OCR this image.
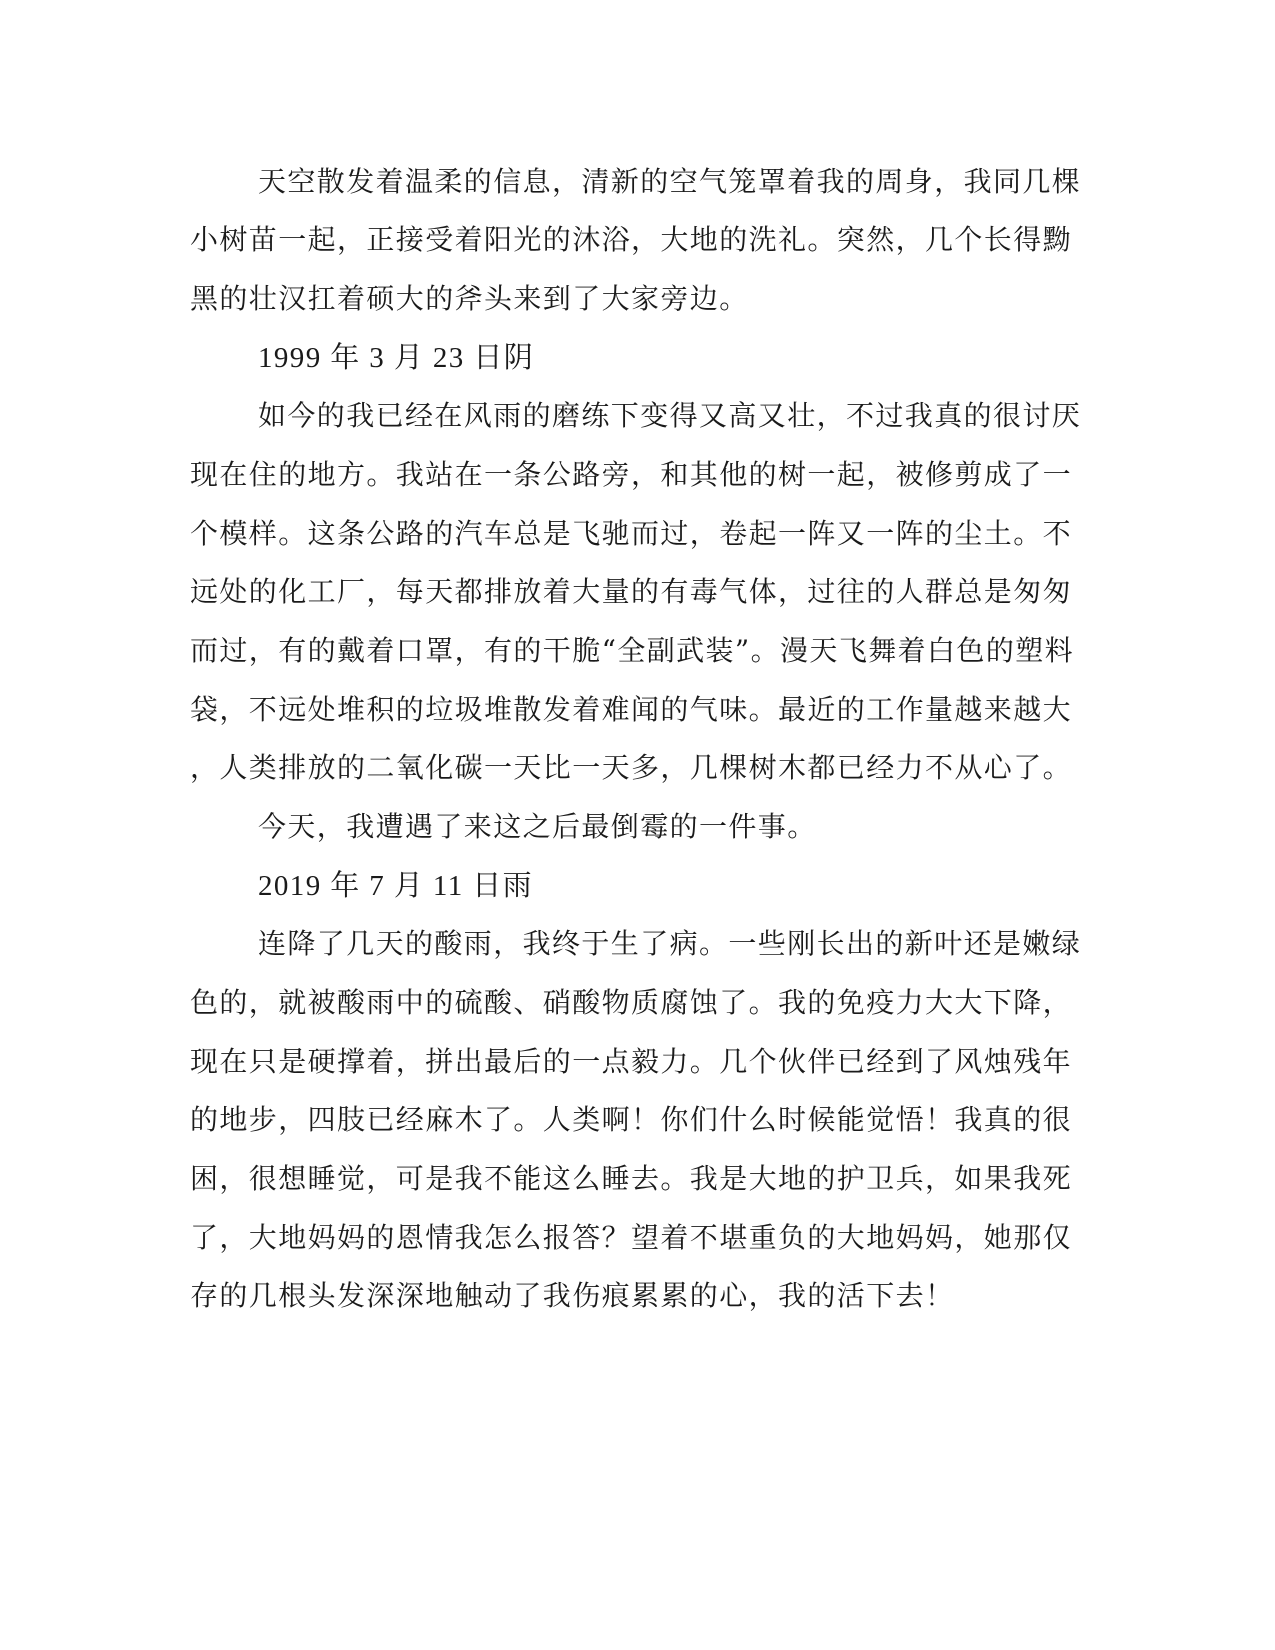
天空散发着温柔的信息，清新的空气笼罩着我的周身，我同几棵
小树苗一起，正接受着阳光的沐浴，大地的洗礼。突然，几个长得黝
黑的壮汉扛着硕大的斧头来到了大家旁边。
1999 年 3 月 23 日阴
如今的我已经在风雨的磨练下变得又高又壮，不过我真的很讨厌
现在住的地方。我站在一条公路旁，和其他的树一起，被修剪成了一
个模样。这条公路的汽车总是飞驰而过，卷起一阵又一阵的尘土。不
远处的化工厂，每天都排放着大量的有毒气体，过往的人群总是匆匆
而过，有的戴着口罩，有的干脆“全副武装”。漫天飞舞着白色的塑料
袋，不远处堆积的垃圾堆散发着难闻的气味。最近的工作量越来越大
，人类排放的二氧化碳一天比一天多，几棵树木都已经力不从心了。
今天，我遭遇了来这之后最倒霉的一件事。
2019 年 7 月 11 日雨
连降了几天的酸雨，我终于生了病。一些刚长出的新叶还是嫩绿
色的，就被酸雨中的硫酸、硝酸物质腐蚀了。我的免疫力大大下降，
现在只是硬撑着，拼出最后的一点毅力。几个伙伴已经到了风烛残年
的地步，四肢已经麻木了。人类啊！你们什么时候能觉悟！我真的很
困，很想睡觉，可是我不能这么睡去。我是大地的护卫兵，如果我死
了，大地妈妈的恩情我怎么报答？望着不堪重负的大地妈妈，她那仅
存的几根头发深深地触动了我伤痕累累的心，我的活下去！
